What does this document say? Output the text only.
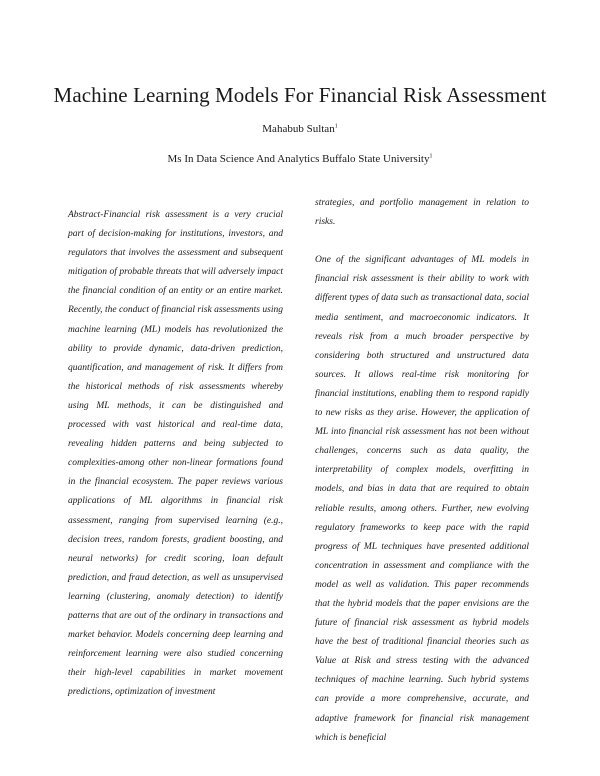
Machine Learning Models For Financial Risk Assessment
Mahabub Sultan$^1$
Ms In Data Science And Analytics Buffalo State University$^1$

Abstract-Financial risk assessment is a very crucial part of decision-making for institutions, investors, and regulators that involves the assessment and subsequent mitigation of probable threats that will adversely impact the financial condition of an entity or an entire market. Recently, the conduct of financial risk assessments using machine learning (ML) models has revolutionized the ability to provide dynamic, data-driven prediction, quantification, and management of risk. It differs from the historical methods of risk assessments whereby using ML methods, it can be distinguished and processed with vast historical and real-time data, revealing hidden patterns and being subjected to complexities-among other non-linear formations found in the financial ecosystem. The paper reviews various applications of ML algorithms in financial risk assessment, ranging from supervised learning (e.g., decision trees, random forests, gradient boosting, and neural networks) for credit scoring, loan default prediction, and fraud detection, as well as unsupervised learning (clustering, anomaly detection) to identify patterns that are out of the ordinary in transactions and market behavior. Models concerning deep learning and reinforcement learning were also studied concerning their high-level capabilities in market movement predictions, optimization of investment

strategies, and portfolio management in relation to risks.

One of the significant advantages of ML models in financial risk assessment is their ability to work with different types of data such as transactional data, social media sentiment, and macroeconomic indicators. It reveals risk from a much broader perspective by considering both structured and unstructured data sources. It allows real-time risk monitoring for financial institutions, enabling them to respond rapidly to new risks as they arise. However, the application of ML into financial risk assessment has not been without challenges, concerns such as data quality, the interpretability of complex models, overfitting in models, and bias in data that are required to obtain reliable results, among others. Further, new evolving regulatory frameworks to keep pace with the rapid progress of ML techniques have presented additional concentration in assessment and compliance with the model as well as validation. This paper recommends that the hybrid models that the paper envisions are the future of financial risk assessment as hybrid models have the best of traditional financial theories such as Value at Risk and stress testing with the advanced techniques of machine learning. Such hybrid systems can provide a more comprehensive, accurate, and adaptive framework for financial risk management which is beneficial
